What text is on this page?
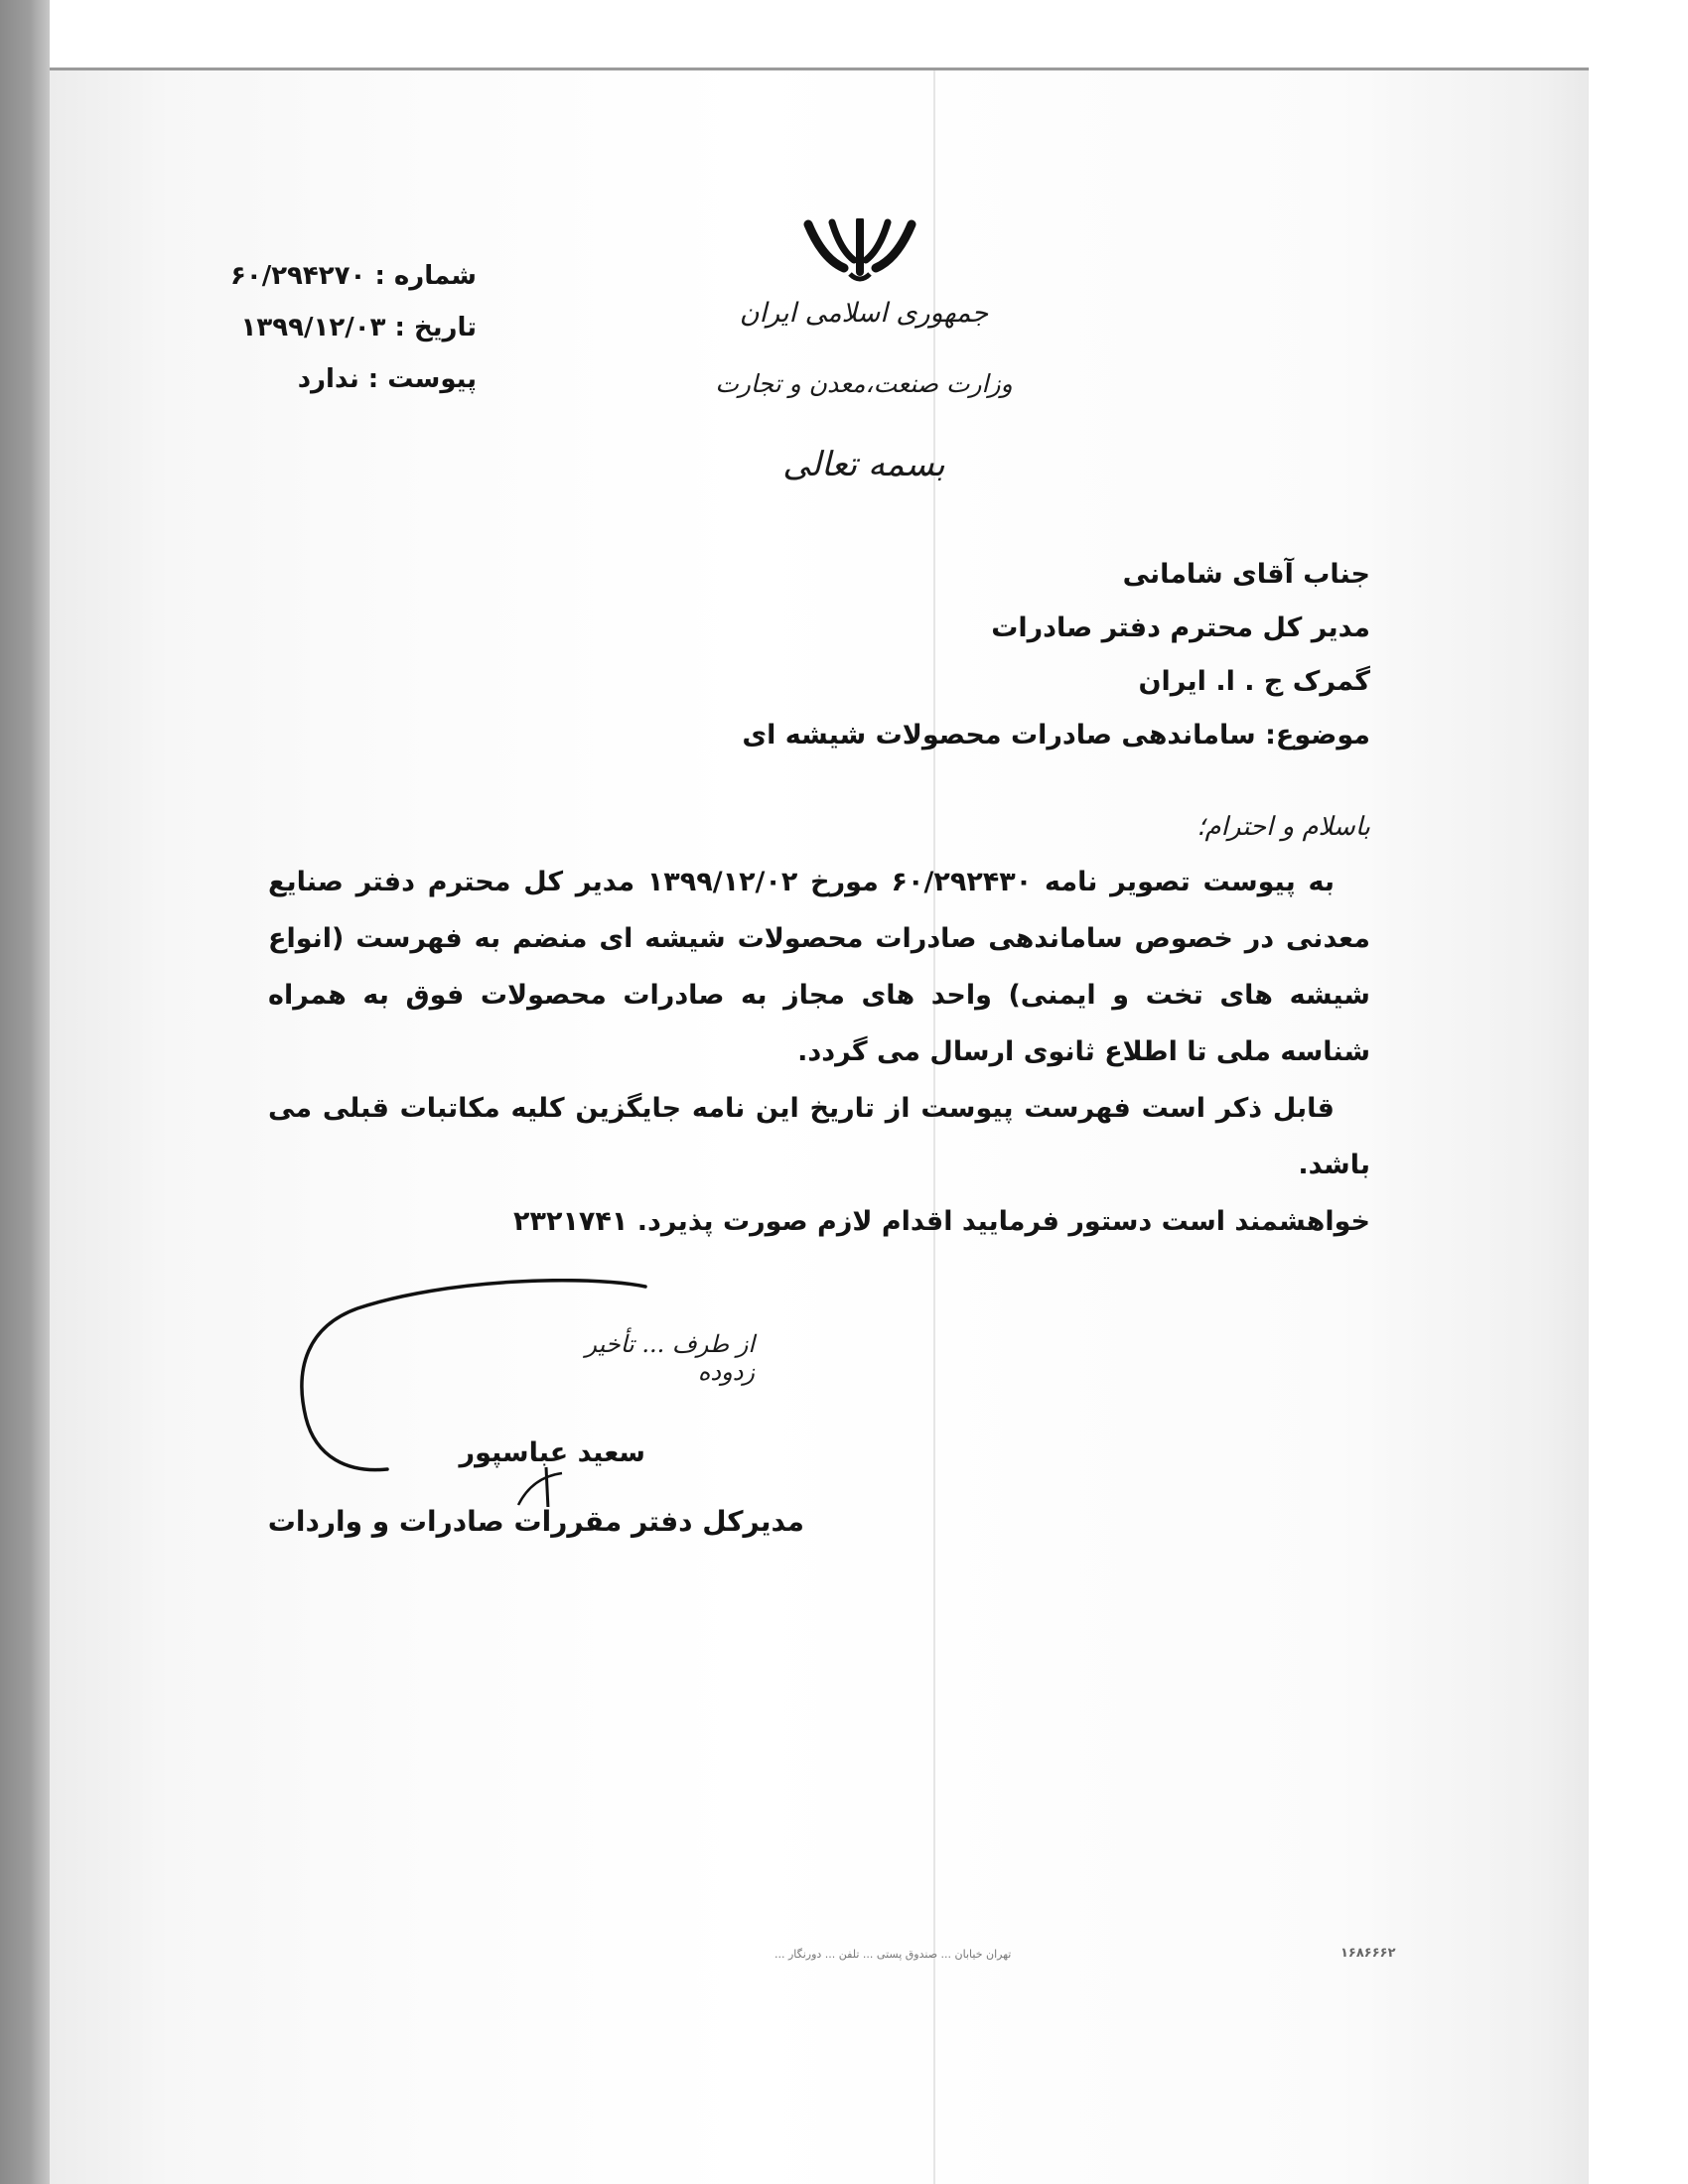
شماره : ۶۰/۲۹۴۲۷۰
تاریخ : ۱۳۹۹/۱۲/۰۳
پیوست : ندارد
جمهوری اسلامی ایران
وزارت صنعت،معدن و تجارت
بسمه تعالی
جناب آقای شامانی
مدیر کل محترم دفتر صادرات
گمرک ج . ا. ایران
موضوع: ساماندهی صادرات محصولات شیشه ای
باسلام و احترام؛

به پیوست تصویر نامه ۶۰/۲۹۲۴۳۰ مورخ ۱۳۹۹/۱۲/۰۲ مدیر کل محترم دفتر صنایع معدنی در خصوص ساماندهی صادرات محصولات شیشه ای منضم به فهرست (انواع شیشه های تخت و ایمنی) واحد های مجاز به صادرات محصولات فوق به همراه شناسه ملی تا اطلاع ثانوی ارسال می گردد.

قابل ذکر است فهرست پیوست از تاریخ این نامه جایگزین کلیه مکاتبات قبلی می باشد.

خواهشمند است دستور فرمایید اقدام لازم صورت پذیرد. ۲۳۲۱۷۴۱

از طرف ... تأخیر زدوده
سعید عباسپور
مدیرکل دفتر مقررات صادرات و واردات
تهران خیابان ... صندوق پستی ... تلفن ... دورنگار ...	۱۶۸۶۶۶۲
